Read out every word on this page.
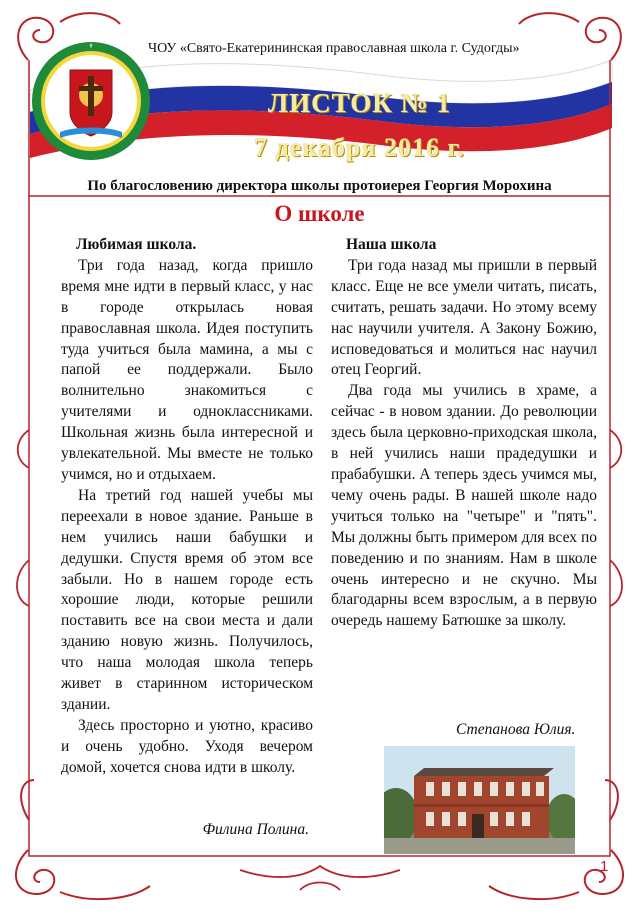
✝	ЧОУ «Свято-Екатерининская православная школа г. Судогды»
ЛИСТОК № 1
7 декабря 2016 г.
По благословению директора школы протоиерея Георгия Морохина
О школе

Любимая школа.

Три года назад, когда пришло время мне идти в первый класс, у нас в городе открылась новая православная школа. Идея поступить туда учиться была мамина, а мы с папой ее поддержали. Было волнительно знакомиться с учителями и одноклассниками. Школьная жизнь была интересной и увлекательной. Мы вместе не только учимся, но и отдыхаем.

На третий год нашей учебы мы переехали в новое здание. Раньше в нем учились наши бабушки и дедушки. Спустя время об этом все забыли. Но в нашем городе есть хорошие люди, которые решили поставить все на свои места и дали зданию новую жизнь. Получилось, что наша молодая школа теперь живет в старинном историческом здании.

Здесь просторно и уютно, красиво и очень удобно. Уходя вечером домой, хочется снова идти в школу.

Филина Полина.

Наша школа

Три года назад мы пришли в первый класс. Еще не все умели читать, писать, считать, решать задачи. Но этому всему нас научили учителя. А Закону Божию, исповедоваться и молиться нас научил отец Георгий.

Два года мы учились в храме, а сейчас - в новом здании. До революции здесь была церковно-приходская школа, в ней учились наши прадедушки и прабабушки. А теперь здесь учимся мы, чему очень рады. В нашей школе надо учиться только на "четыре" и "пять". Мы должны быть примером для всех по поведению и по знаниям. Нам в школе очень интересно и не скучно. Мы благодарны всем взрослым, а в первую очередь нашему Батюшке за школу.

Степанова Юлия.
1
